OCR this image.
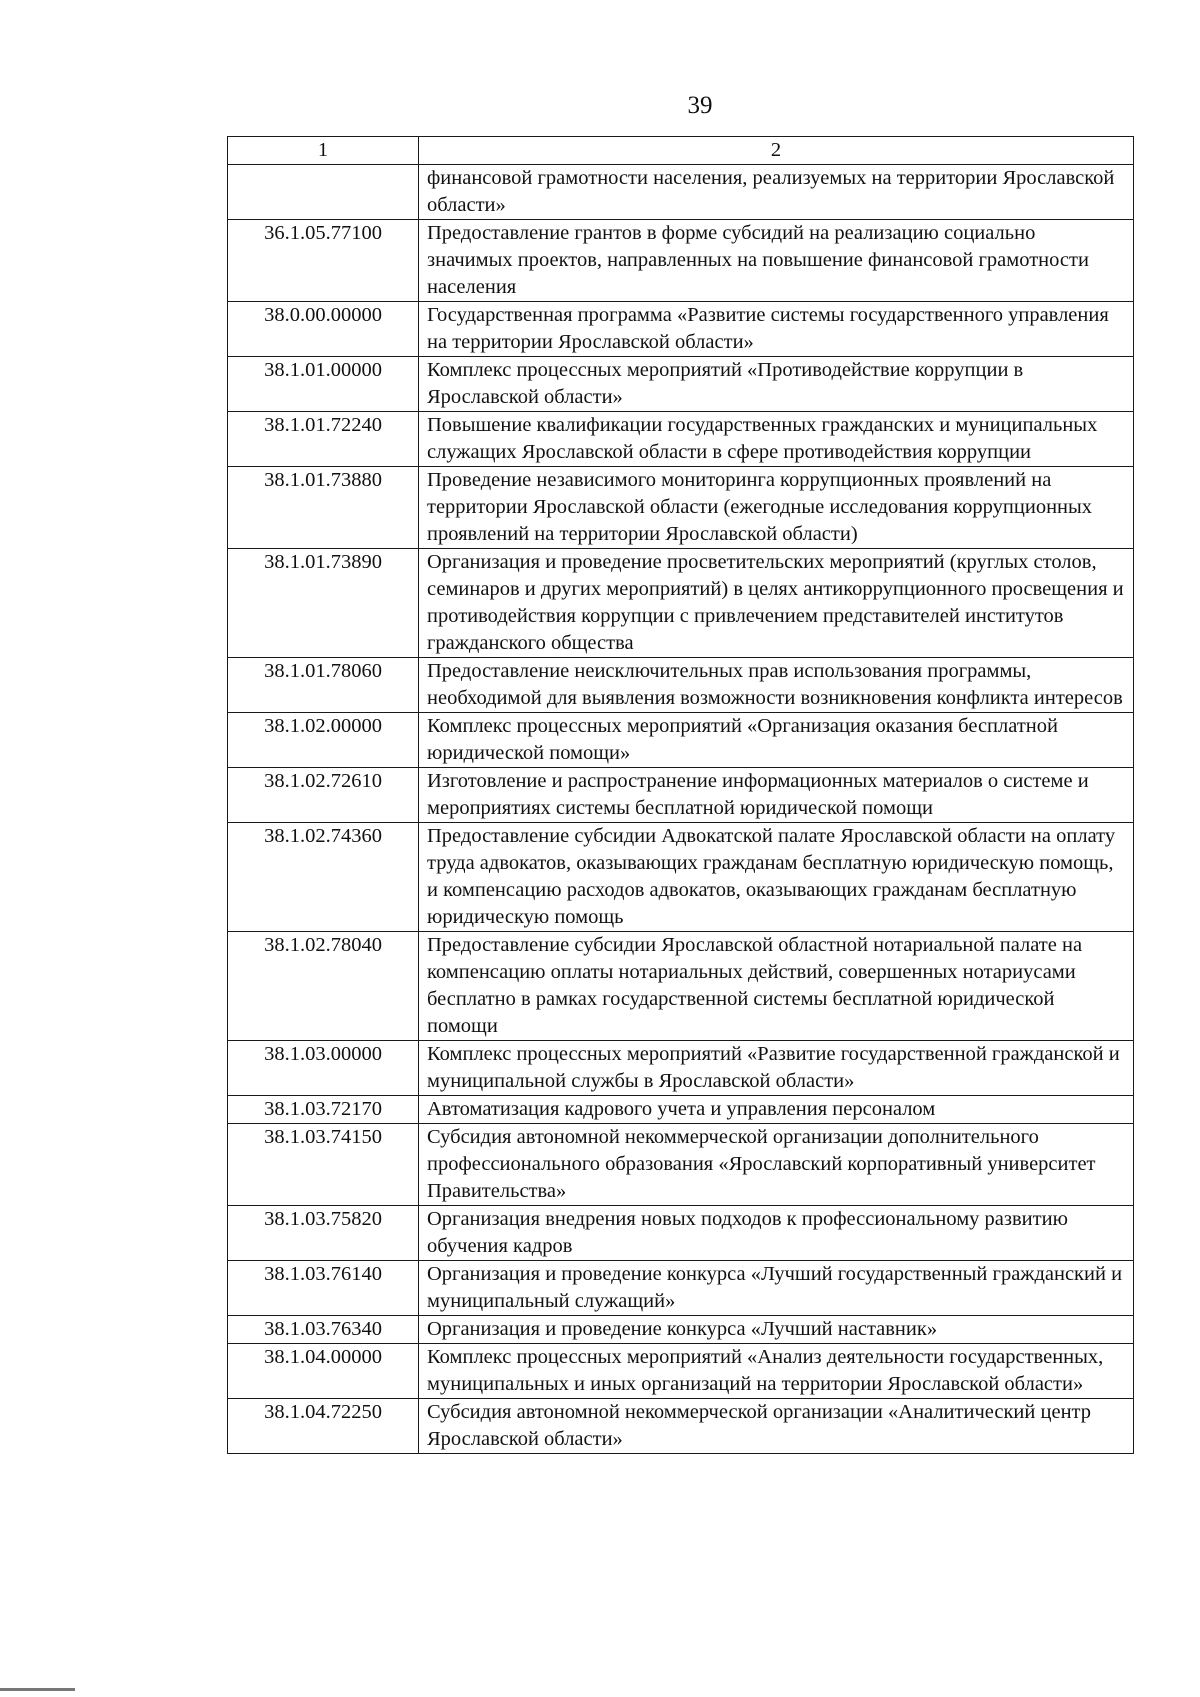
39
1	2
	финансовой грамотности населения, реализуемых на территории Ярославской области»
36.1.05.77100	Предоставление грантов в форме субсидий на реализацию социально значимых проектов, направленных на повышение финансовой грамотности населения
38.0.00.00000	Государственная программа «Развитие системы государственного управления на территории Ярославской области»
38.1.01.00000	Комплекс процессных мероприятий «Противодействие коррупции в Ярославской области»
38.1.01.72240	Повышение квалификации государственных гражданских и муниципальных служащих Ярославской области в сфере противодействия коррупции
38.1.01.73880	Проведение независимого мониторинга коррупционных проявлений на территории Ярославской области (ежегодные исследования коррупционных проявлений на территории Ярославской области)
38.1.01.73890	Организация и проведение просветительских мероприятий (круглых столов, семинаров и других мероприятий) в целях антикоррупционного просвещения и противодействия коррупции с привлечением представителей институтов гражданского общества
38.1.01.78060	Предоставление неисключительных прав использования программы, необходимой для выявления возможности возникновения конфликта интересов
38.1.02.00000	Комплекс процессных мероприятий «Организация оказания бесплатной юридической помощи»
38.1.02.72610	Изготовление и распространение информационных материалов о системе и мероприятиях системы бесплатной юридической помощи
38.1.02.74360	Предоставление субсидии Адвокатской палате Ярославской области на оплату труда адвокатов, оказывающих гражданам бесплатную юридическую помощь, и компенсацию расходов адвокатов, оказывающих гражданам бесплатную юридическую помощь
38.1.02.78040	Предоставление субсидии Ярославской областной нотариальной палате на компенсацию оплаты нотариальных действий, совершенных нотариусами бесплатно в рамках государственной системы бесплатной юридической помощи
38.1.03.00000	Комплекс процессных мероприятий «Развитие государственной гражданской и муниципальной службы в Ярославской области»
38.1.03.72170	Автоматизация кадрового учета и управления персоналом
38.1.03.74150	Субсидия автономной некоммерческой организации дополнительного профессионального образования «Ярославский корпоративный университет Правительства»
38.1.03.75820	Организация внедрения новых подходов к профессиональному развитию обучения кадров
38.1.03.76140	Организация и проведение конкурса «Лучший государственный гражданский и муниципальный служащий»
38.1.03.76340	Организация и проведение конкурса «Лучший наставник»
38.1.04.00000	Комплекс процессных мероприятий «Анализ деятельности государственных, муниципальных и иных организаций на территории Ярославской области»
38.1.04.72250	Субсидия автономной некоммерческой организации «Аналитический центр Ярославской области»
